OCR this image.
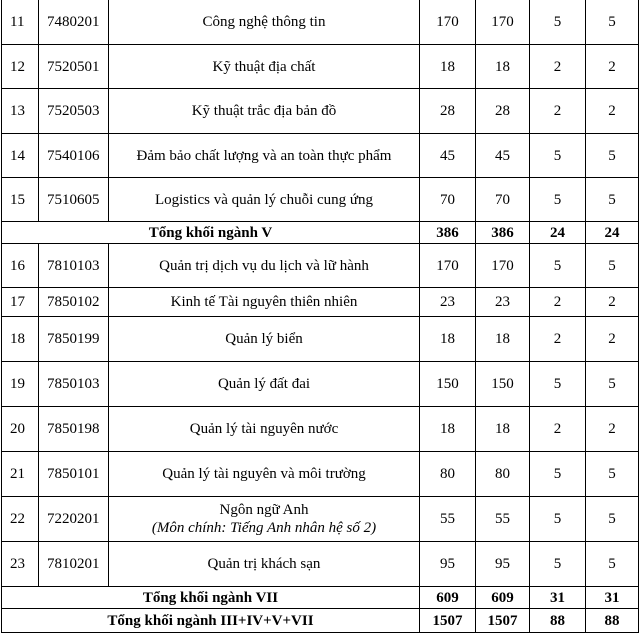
11	7480201	Công nghệ thông tin	170	170	5	5
12	7520501	Kỹ thuật địa chất	18	18	2	2
13	7520503	Kỹ thuật trắc địa bản đồ	28	28	2	2
14	7540106	Đảm bảo chất lượng và an toàn thực phẩm	45	45	5	5
15	7510605	Logistics và quản lý chuỗi cung ứng	70	70	5	5
Tổng khối ngành V			386	386	24	24
16	7810103	Quản trị dịch vụ du lịch và lữ hành	170	170	5	5
17	7850102	Kinh tế Tài nguyên thiên nhiên	23	23	2	2
18	7850199	Quản lý biển	18	18	2	2
19	7850103	Quản lý đất đai	150	150	5	5
20	7850198	Quản lý tài nguyên nước	18	18	2	2
21	7850101	Quản lý tài nguyên và môi trường	80	80	5	5
22	7220201	Ngôn ngữ Anh
(Môn chính: Tiếng Anh nhân hệ số 2)	55	55	5	5
23	7810201	Quản trị khách sạn	95	95	5	5
Tổng khối ngành VII			609	609	31	31
Tổng khối ngành III+IV+V+VII			1507	1507	88	88
